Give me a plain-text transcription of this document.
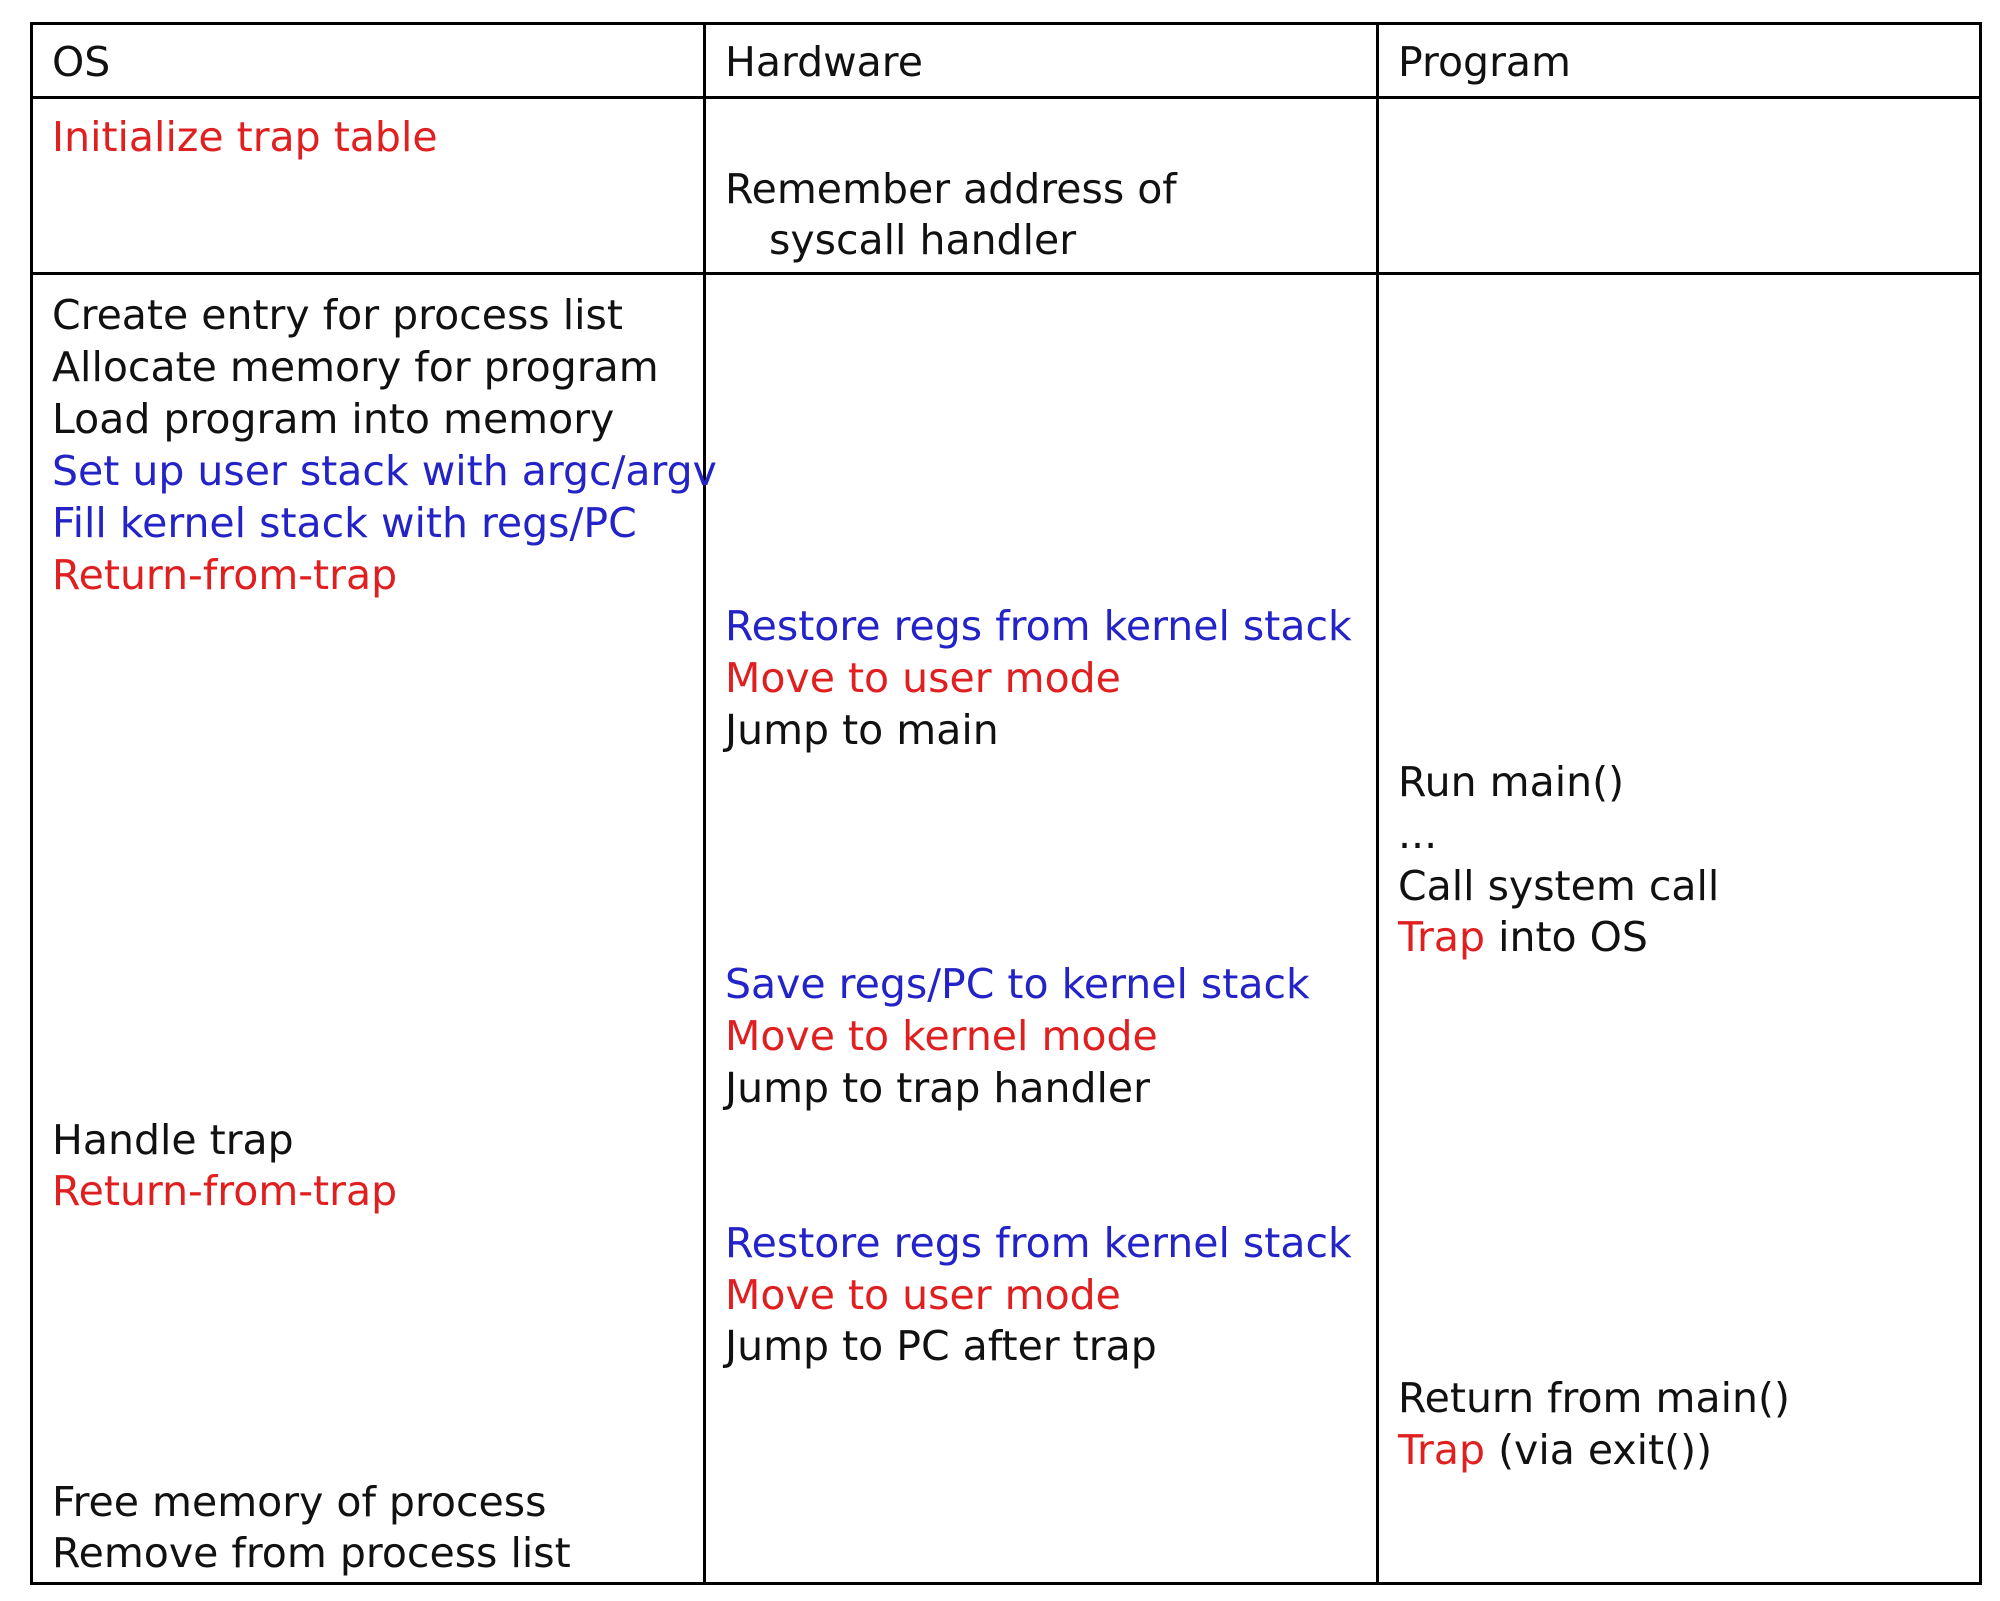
OS	Hardware	Program
Initialize trap table
Remember address of
syscall handler
Create entry for process list
Allocate memory for program
Load program into memory
Set up user stack with argc/argv
Fill kernel stack with regs/PC
Return-from-trap
Restore regs from kernel stack
Move to user mode
Jump to main
Run main()
...
Call system call
Trap into OS
Save regs/PC to kernel stack
Move to kernel mode
Jump to trap handler
Handle trap
Return-from-trap
Restore regs from kernel stack
Move to user mode
Jump to PC after trap
Return from main()
Trap (via exit())
Free memory of process
Remove from process list
